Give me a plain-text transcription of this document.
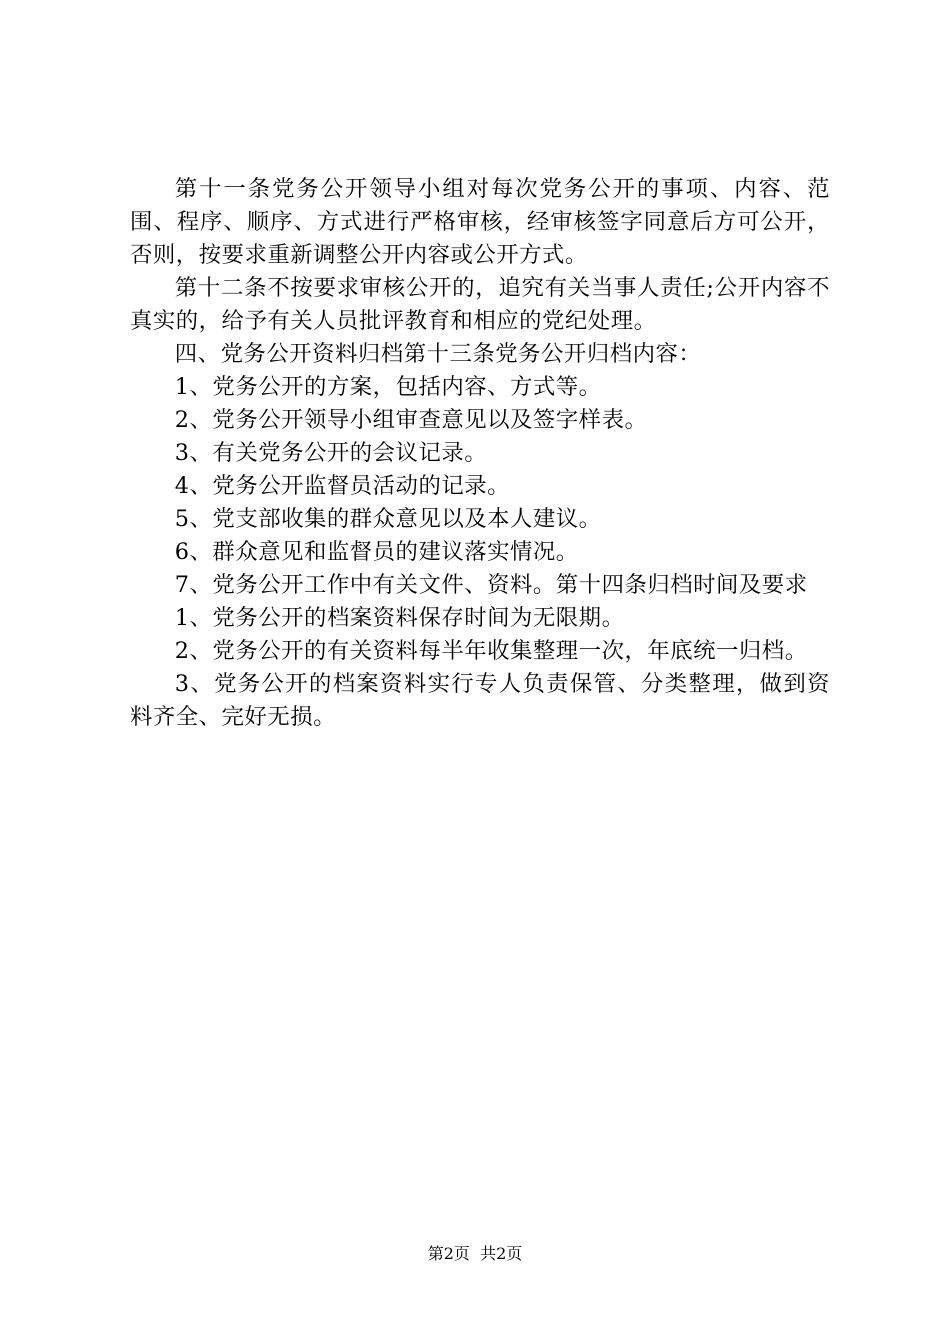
第十一条党务公开领导小组对每次党务公开的事项、内容、范围、程序、顺序、方式进行严格审核，经审核签字同意后方可公开，否则，按要求重新调整公开内容或公开方式。

第十二条不按要求审核公开的，追究有关当事人责任;公开内容不真实的，给予有关人员批评教育和相应的党纪处理。

四、党务公开资料归档第十三条党务公开归档内容：

1、党务公开的方案，包括内容、方式等。

2、党务公开领导小组审查意见以及签字样表。

3、有关党务公开的会议记录。

4、党务公开监督员活动的记录。

5、党支部收集的群众意见以及本人建议。

6、群众意见和监督员的建议落实情况。

7、党务公开工作中有关文件、资料。第十四条归档时间及要求

1、党务公开的档案资料保存时间为无限期。

2、党务公开的有关资料每半年收集整理一次，年底统一归档。

3、党务公开的档案资料实行专人负责保管、分类整理，做到资料齐全、完好无损。

第2页 共2页
